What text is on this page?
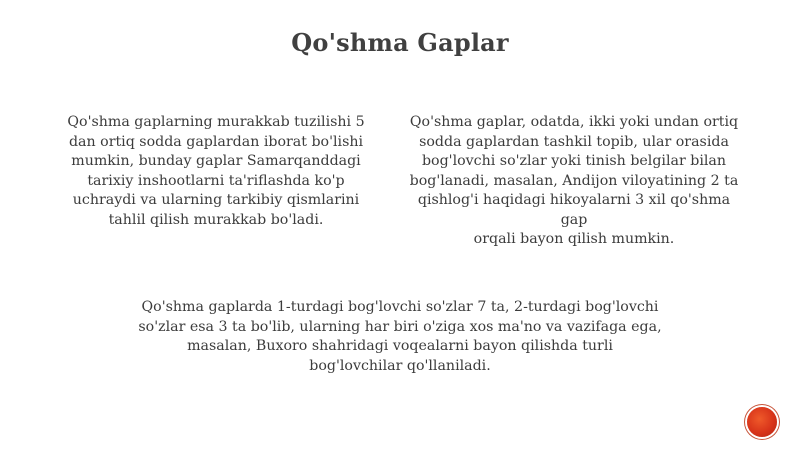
Qo'shma Gaplar
Qo'shma gaplarning murakkab tuzilishi 5
dan ortiq sodda gaplardan iborat bo'lishi
mumkin, bunday gaplar Samarqanddagi
tarixiy inshootlarni ta'riflashda ko'p
uchraydi va ularning tarkibiy qismlarini
tahlil qilish murakkab bo'ladi.
Qo'shma gaplar, odatda, ikki yoki undan ortiq
sodda gaplardan tashkil topib, ular orasida
bog'lovchi so'zlar yoki tinish belgilar bilan
bog'lanadi, masalan, Andijon viloyatining 2 ta
qishlog'i haqidagi hikoyalarni 3 xil qo'shma gap
orqali bayon qilish mumkin.
Qo'shma gaplarda 1-turdagi bog'lovchi so'zlar 7 ta, 2-turdagi bog'lovchi
so'zlar esa 3 ta bo'lib, ularning har biri o'ziga xos ma'no va vazifaga ega,
masalan, Buxoro shahridagi voqealarni bayon qilishda turli
bog'lovchilar qo'llaniladi.
